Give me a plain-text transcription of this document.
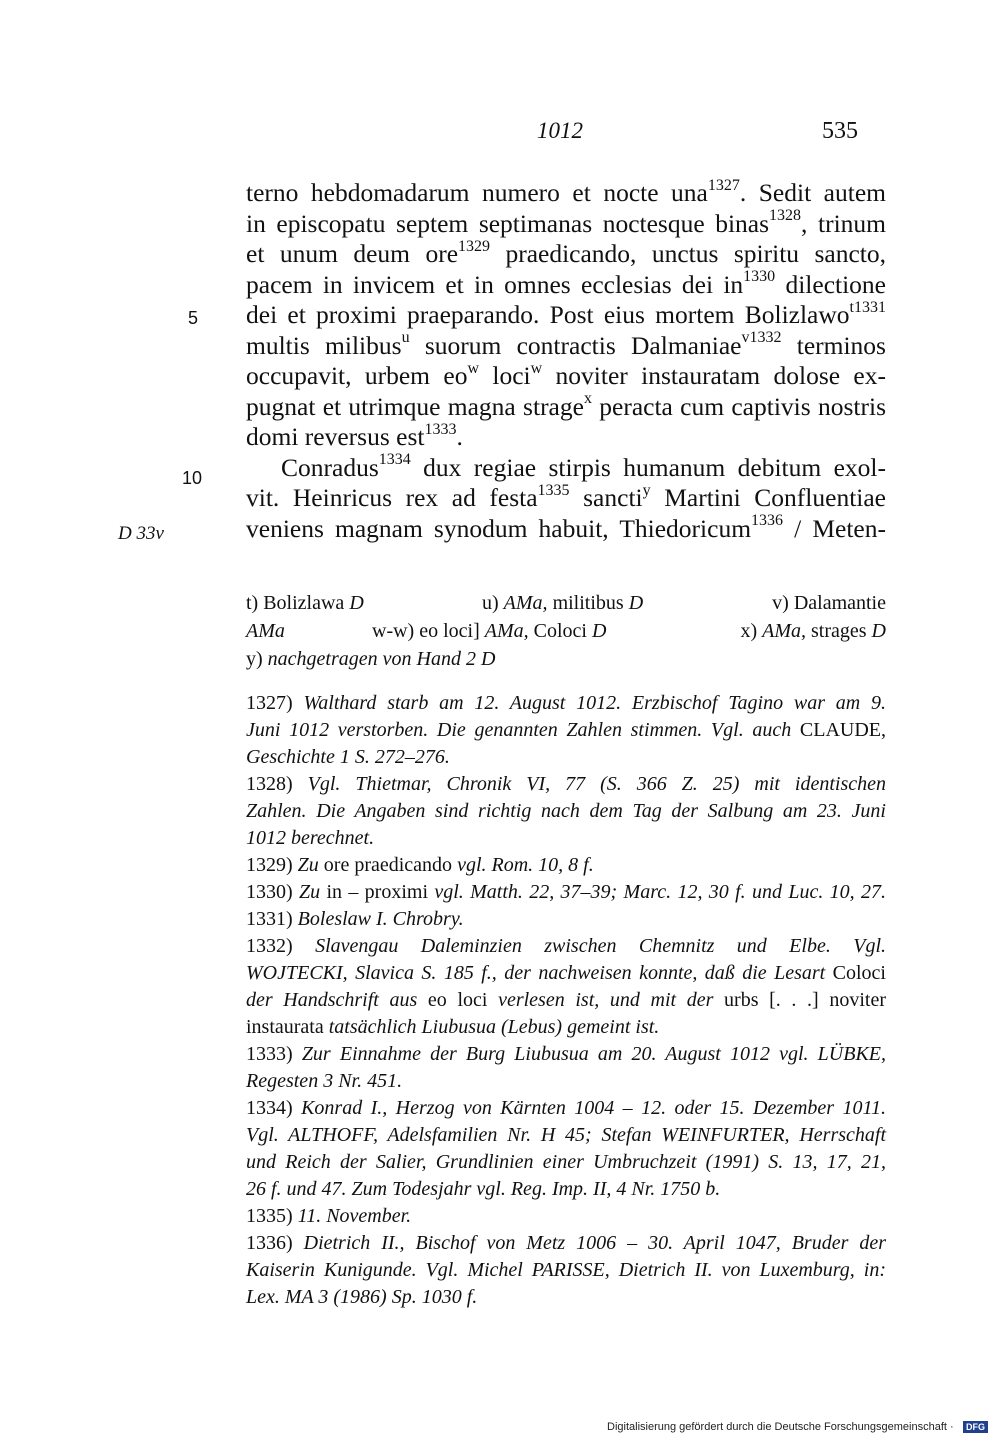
1012	535
terno hebdomadarum numero et nocte una$^{1327}$. Sedit autem
in episcopatu septem septimanas noctesque binas$^{1328}$, trinum
et unum deum ore$^{1329}$ praedicando, unctus spiritu sancto,
pacem in invicem et in omnes ecclesias dei $in^{1330}$ dilectione
dei et proximi praeparando. Post eius mortem Bolizlawo$^{t1331}$
multis milibus$^u$ suorum contractis Dalmaniae$^{v1332}$ terminos
occupavit, urbem $eo^w$ loci$^w$ noviter instauratam dolose ex-
pugnat et utrimque magna strage$^x$ peracta cum captivis nostris
domi reversus est$^{1333}$.
Conradus$^{1334}$ dux regiae stirpis humanum debitum exol-
vit. Heinricus rex ad festa$^{1335}$ sancti$^y$ Martini Confluentiae
veniens magnam synodum habuit, Thiedoricum$^{1336}$ / Meten-
5
10
D 33v
t) Bolizlawa D	u) AMa, militibus D	v) Dalamantie
AMa	w-w) eo loci] AMa, Coloci D	x) AMa, strages D
y) nachgetragen von Hand 2 D
1327) Walthard starb am 12. August 1012. Erzbischof Tagino war am 9.
Juni 1012 verstorben. Die genannten Zahlen stimmen. Vgl. auch CLAUDE,
Geschichte 1 S. 272–276.
1328) Vgl. Thietmar, Chronik VI, 77 (S. 366 Z. 25) mit identischen
Zahlen. Die Angaben sind richtig nach dem Tag der Salbung am 23. Juni
1012 berechnet.
1329) Zu ore praedicando vgl. Rom. 10, 8 f.
1330) Zu in – proximi vgl. Matth. 22, 37–39; Marc. 12, 30 f. und Luc. 10, 27.
1331) Boleslaw I. Chrobry.
1332) Slavengau Daleminzien zwischen Chemnitz und Elbe. Vgl.
WOJTECKI, Slavica S. 185 f., der nachweisen konnte, daß die Lesart Coloci
der Handschrift aus eo loci verlesen ist, und mit der urbs [. . .] noviter
instaurata tatsächlich Liubusua (Lebus) gemeint ist.
1333) Zur Einnahme der Burg Liubusua am 20. August 1012 vgl. LÜBKE,
Regesten 3 Nr. 451.
1334) Konrad I., Herzog von Kärnten 1004 – 12. oder 15. Dezember 1011.
Vgl. ALTHOFF, Adelsfamilien Nr. H 45; Stefan WEINFURTER, Herrschaft
und Reich der Salier, Grundlinien einer Umbruchzeit (1991) S. 13, 17, 21,
26 f. und 47. Zum Todesjahr vgl. Reg. Imp. II, 4 Nr. 1750 b.
1335) 11. November.
1336) Dietrich II., Bischof von Metz 1006 – 30. April 1047, Bruder der
Kaiserin Kunigunde. Vgl. Michel PARISSE, Dietrich II. von Luxemburg, in:
Lex. MA 3 (1986) Sp. 1030 f.
Digitalisierung gefördert durch die Deutsche Forschungsgemeinschaft ·	DFG
